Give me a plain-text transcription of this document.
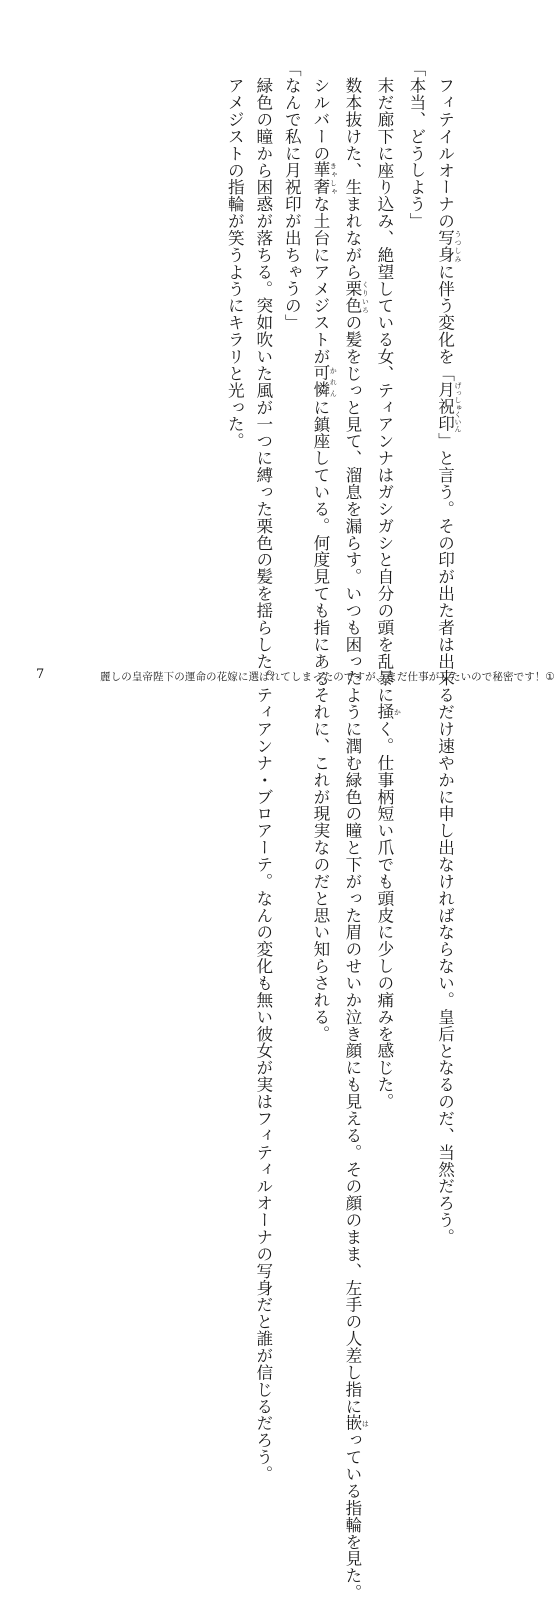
フィテイルオーナの写身 うつしみに伴う変化を「月祝印 げっしゅくいん」と言う。その印が出た者は出来るだけ速やかに申し出なければならない。皇后となるのだ、当然だろう。

「本当、どうしよう」

末だ廊下に座り込み、絶望している女、ティアンナはガシガシと自分の頭を乱暴に掻 かく。仕事柄短い爪でも頭皮に少しの痛みを感じた。

数本抜けた、生まれながら栗色 くりいろの髪をじっと見て、溜息を漏らす。いつも困ったように潤む緑色の瞳と下がった眉のせいか泣き顔にも見える。その顔のまま、左手の人差し指に嵌 はっている指輪を見た。

シルバーの華奢 きゃしゃな土台にアメジストが可憐 かれんに鎮座している。何度見ても指にあるそれに、これが現実なのだと思い知らされる。

「なんで私に月祝印が出ちゃうの」

緑色の瞳から困惑が落ちる。突如吹いた風が一つに縛った栗色の髪を揺らした。ティアンナ・ブロアーテ。なんの変化も無い彼女が実はフィティルオーナの写身だと誰が信じるだろう。

アメジストの指輪が笑うようにキラリと光った。

7	麗しの皇帝陛下の運命の花嫁に選ばれてしまったのですが、まだ仕事がしたいので秘密です！①
